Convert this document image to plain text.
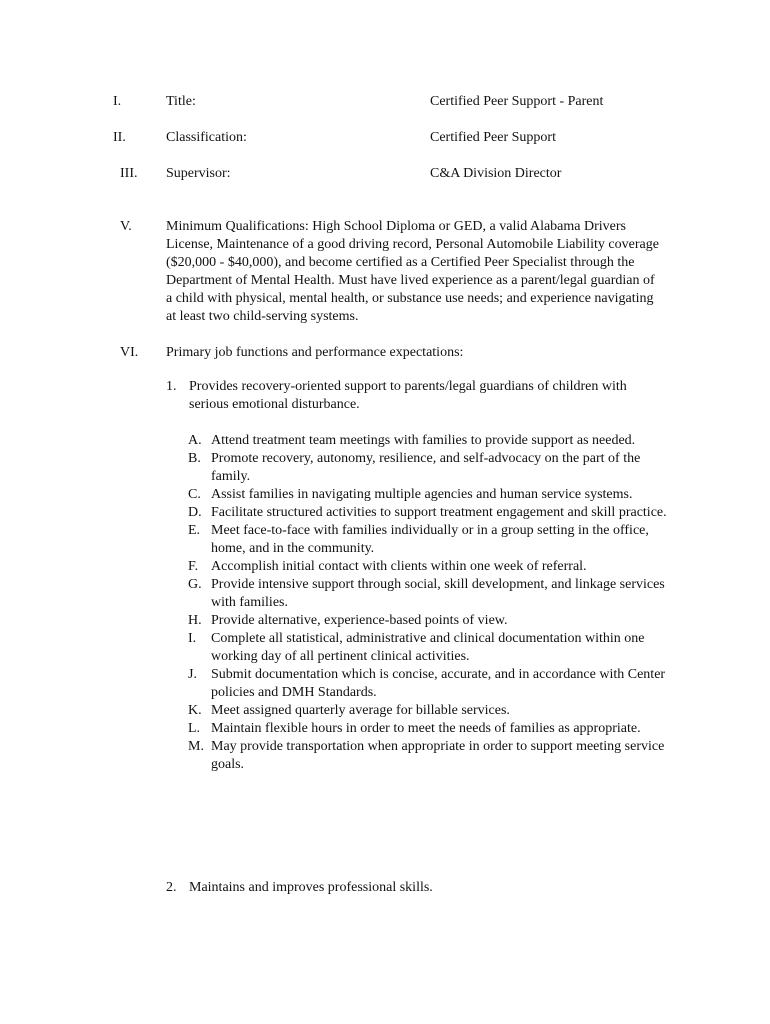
I.	Title:	Certified Peer Support - Parent
II.	Classification:	Certified Peer Support
III. Supervisor:	C&A Division Director
V. Minimum Qualifications: High School Diploma or GED, a valid Alabama Drivers License, Maintenance of a good driving record, Personal Automobile Liability coverage ($20,000 - $40,000), and become certified as a Certified Peer Specialist through the Department of Mental Health. Must have lived experience as a parent/legal guardian of a child with physical, mental health, or substance use needs; and experience navigating at least two child-serving systems.
VI. Primary job functions and performance expectations:
1. Provides recovery-oriented support to parents/legal guardians of children with serious emotional disturbance.
A. Attend treatment team meetings with families to provide support as needed.
B. Promote recovery, autonomy, resilience, and self-advocacy on the part of the family.
C. Assist families in navigating multiple agencies and human service systems.
D. Facilitate structured activities to support treatment engagement and skill practice.
E. Meet face-to-face with families individually or in a group setting in the office, home, and in the community.
F. Accomplish initial contact with clients within one week of referral.
G. Provide intensive support through social, skill development, and linkage services with families.
H. Provide alternative, experience-based points of view.
I. Complete all statistical, administrative and clinical documentation within one working day of all pertinent clinical activities.
J. Submit documentation which is concise, accurate, and in accordance with Center policies and DMH Standards.
K. Meet assigned quarterly average for billable services.
L. Maintain flexible hours in order to meet the needs of families as appropriate.
M. May provide transportation when appropriate in order to support meeting service goals.
2. Maintains and improves professional skills.
